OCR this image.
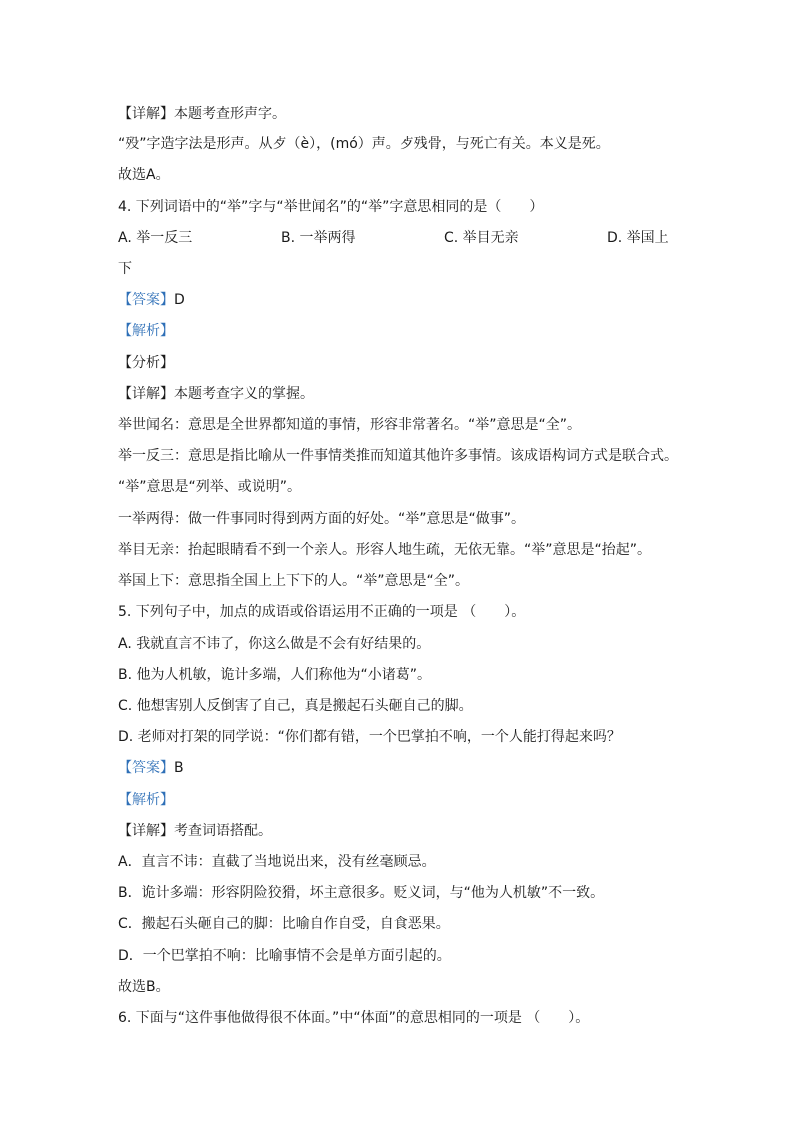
【详解】本题考查形声字。
“殁”字造字法是形声。从歺（è），(mó）声。歺残骨，与死亡有关。本义是死。
故选A。
4. 下列词语中的“举”字与“举世闻名”的“举”字意思相同的是（　　）
A. 举一反三	B. 一举两得	C. 举目无亲	D. 举国上
下
【答案】D
【解析】
【分析】
【详解】本题考查字义的掌握。
举世闻名：意思是全世界都知道的事情，形容非常著名。“举”意思是“全”。
举一反三：意思是指比喻从一件事情类推而知道其他许多事情。该成语构词方式是联合式。
“举”意思是“列举、或说明”。
一举两得：做一件事同时得到两方面的好处。“举”意思是“做事”。
举目无亲：抬起眼睛看不到一个亲人。形容人地生疏，无依无靠。“举”意思是“抬起”。
举国上下：意思指全国上上下下的人。“举”意思是“全”。
5. 下列句子中，加点的成语或俗语运用不正确的一项是 （　　）。
A. 我就直言不讳了，你这么做是不会有好结果的。
B. 他为人机敏，诡计多端，人们称他为“小诸葛”。
C. 他想害别人反倒害了自己，真是搬起石头砸自己的脚。
D. 老师对打架的同学说：“你们都有错，一个巴掌拍不响，一个人能打得起来吗？
【答案】B
【解析】
【详解】考查词语搭配。
A．直言不讳：直截了当地说出来，没有丝毫顾忌。
B．诡计多端：形容阴险狡猾，坏主意很多。贬义词，与“他为人机敏”不一致。
C．搬起石头砸自己的脚：比喻自作自受，自食恶果。
D．一个巴掌拍不响：比喻事情不会是单方面引起的。
故选B。
6. 下面与“这件事他做得很不体面。”中“体面”的意思相同的一项是 （　　）。
